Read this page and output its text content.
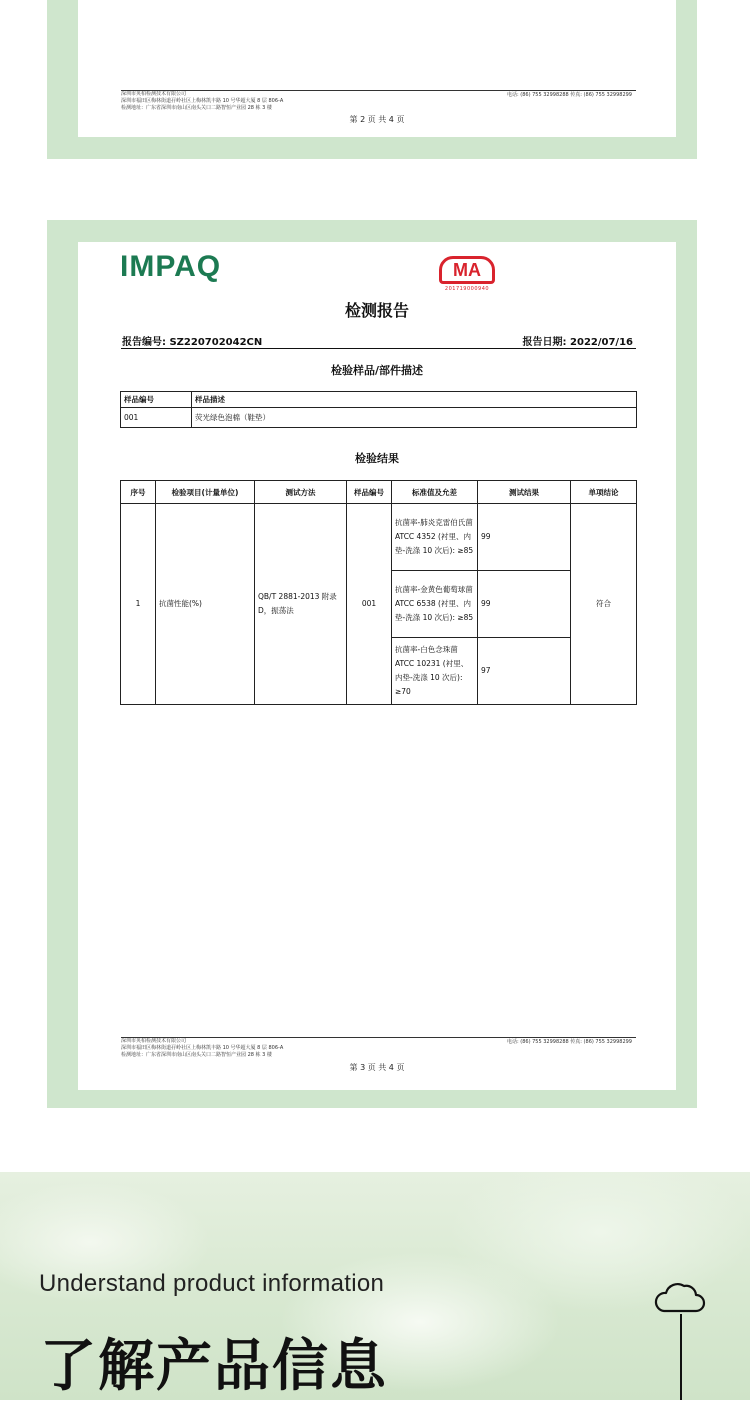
深圳市英柏检测技术有限公司
深圳市福田区梅林街道孖岭社区上梅林凯丰路 10 号华超大厦 8 层 806-A
检测地址：广东省深圳市南山区南头关口二路智恒产业园 28 栋 3 楼
电话: (86) 755 32998288 传真: (86) 755 32998299
第 2 页 共 4 页
IMPAQ	MA
201719000940
检测报告
报告编号: SZ220702042CN	报告日期: 2022/07/16
检验样品/部件描述
样品编号	样品描述
001	荧光绿色泡棉（鞋垫）
检验结果
序号	检验项目(计量单位)	测试方法	样品编号	标准值及允差	测试结果	单项结论
1	抗菌性能(%)	QB/T 2881-2013 附录 D，振荡法	001	抗菌率-肺炎克雷伯氏菌 ATCC 4352 (衬里、内垫-洗涤 10 次后): ≥85	99	符合
				抗菌率-金黄色葡萄球菌 ATCC 6538 (衬里、内垫-洗涤 10 次后): ≥85	99	
				抗菌率-白色念珠菌 ATCC 10231 (衬里、内垫-洗涤 10 次后): ≥70	97	
深圳市英柏检测技术有限公司
深圳市福田区梅林街道孖岭社区上梅林凯丰路 10 号华超大厦 8 层 806-A
检测地址：广东省深圳市南山区南头关口二路智恒产业园 28 栋 3 楼
电话: (86) 755 32998288 传真: (86) 755 32998299
第 3 页 共 4 页
Understand product information
了解产品信息
